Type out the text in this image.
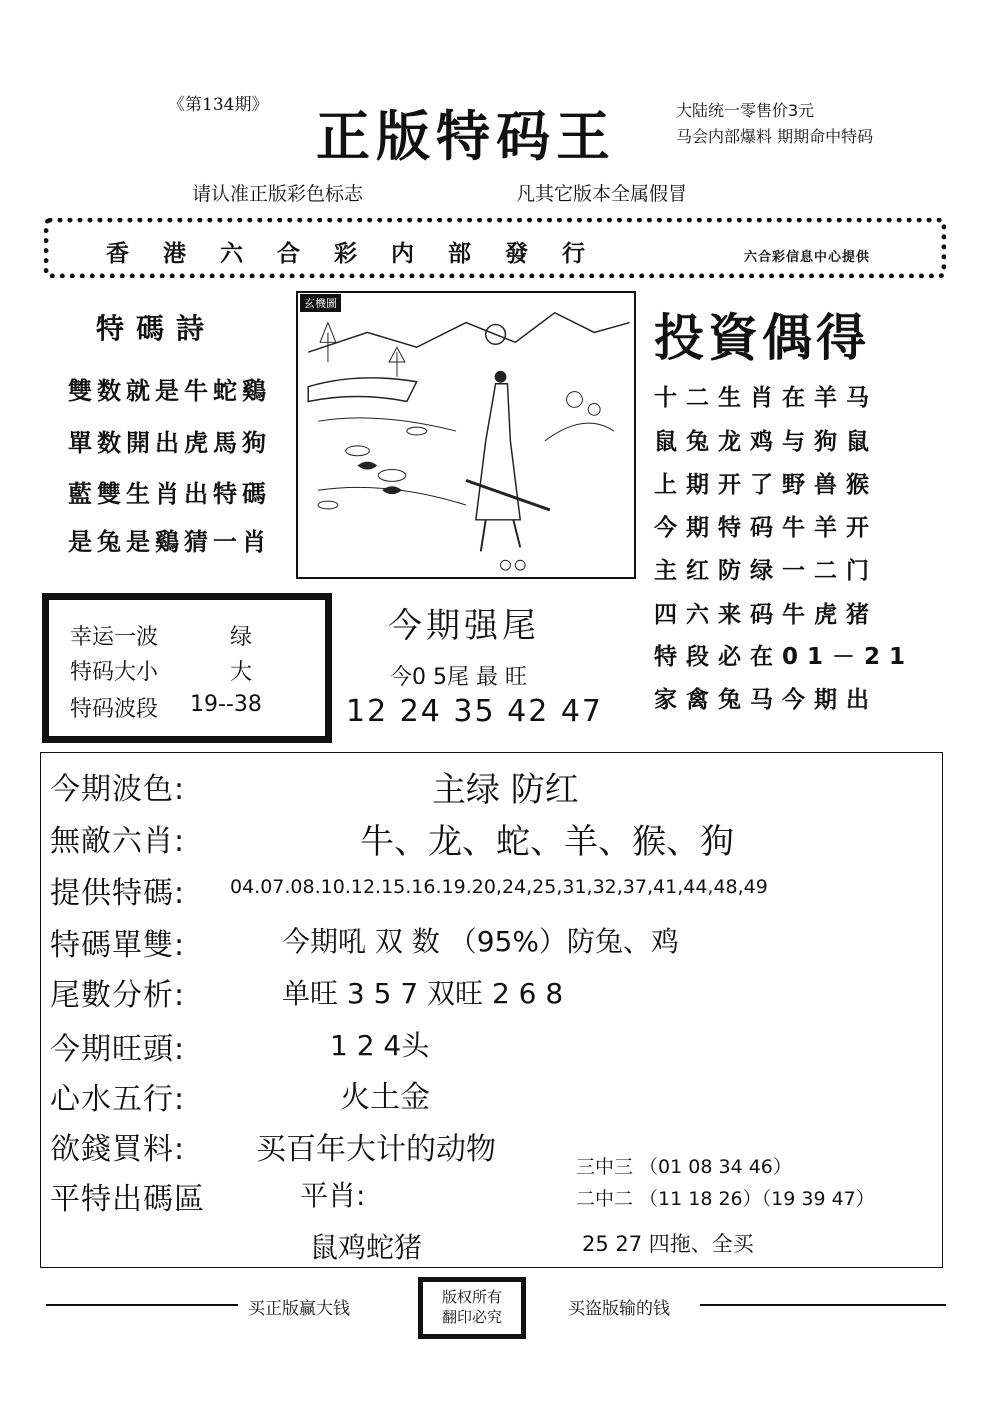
《第134期》 正版特码王	大陆统一零售价3元
马会内部爆料 期期命中特码
请认准正版彩色标志	凡其它版本全属假冒
香港六合彩内部發行	六合彩信息中心提供
特碼詩
雙数就是牛蛇鷄
單数開出虎馬狗
藍雙生肖出特碼
是兔是鷄猜一肖
玄機圖
投資偶得
十二生肖在羊马
鼠兔龙鸡与狗鼠
上期开了野兽猴
今期特码牛羊开
主红防绿一二门
四六来码牛虎猪
特段必在01－21
家禽兔马今期出
幸运一波	绿
特码大小	大
特码波段 19--38
今期强尾
今0 5尾 最 旺
12 24 35 42 47
今期波色:	主绿 防红
無敵六肖:	牛、龙、蛇、羊、猴、狗
提供特碼: 04.07.08.10.12.15.16.19.20,24,25,31,32,37,41,44,48,49
特碼單雙:	今期吼 双 数 （95%）防兔、鸡
尾數分析:	单旺 3 5 7 双旺 2 6 8
今期旺頭:	1 2 4头
心水五行:	火土金
欲錢買料: 买百年大计的动物
平特出碼區	平肖:
鼠鸡蛇猪
三中三 （01 08 34 46）
二中二 （11 18 26）（19 39 47）
25 27 四拖、全买
买正版赢大钱
版权所有
翻印必究	买盗版输的钱
